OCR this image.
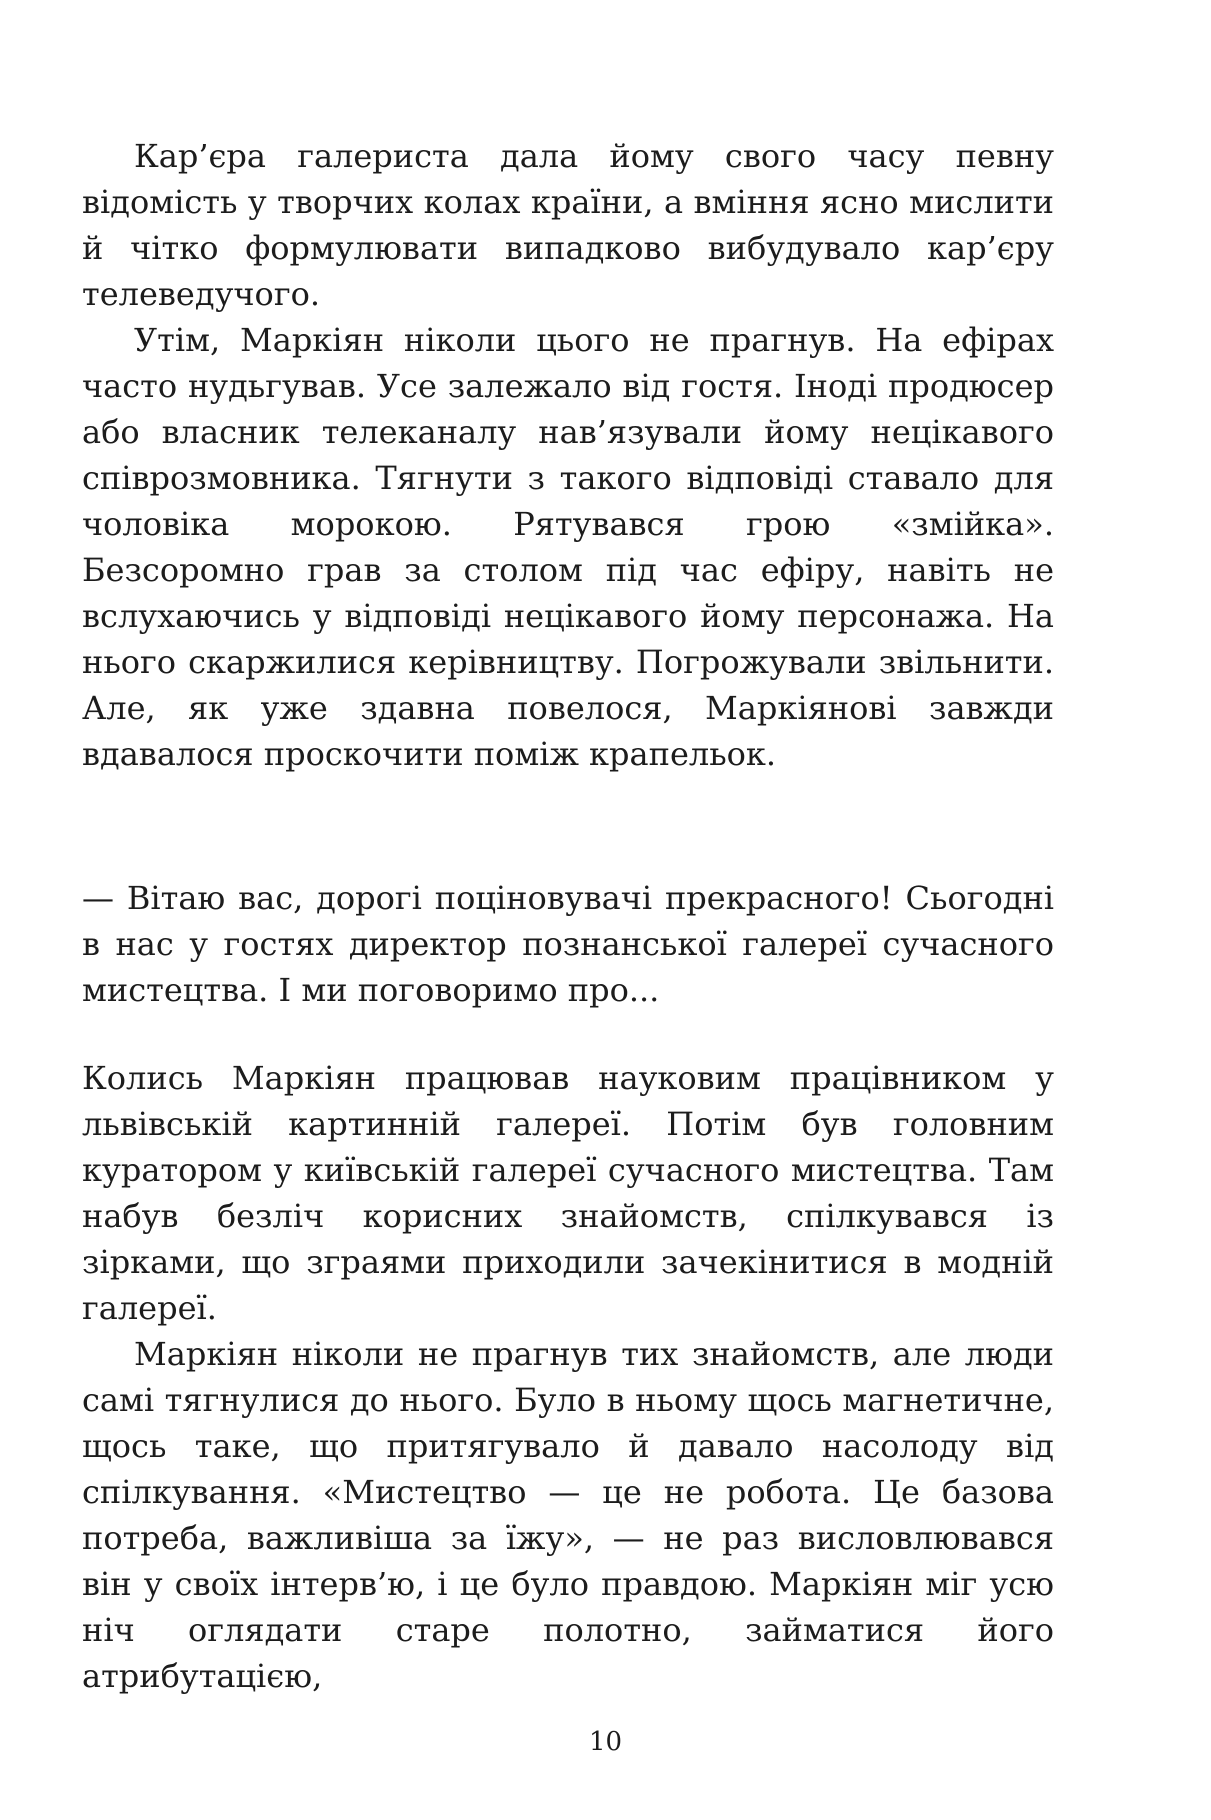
Кар’єра галериста дала йому свого часу певну відомість у творчих колах країни, а вміння ясно мислити й чітко формулювати випадково вибудувало кар’єру телеведучого.

Утім, Маркіян ніколи цього не прагнув. На ефірах часто нудьгував. Усе залежало від гостя. Іноді продюсер або власник телеканалу нав’язували йому нецікавого співрозмовника. Тягнути з такого відповіді ставало для чоловіка морокою. Рятувався грою «змійка». Безсоромно грав за столом під час ефіру, навіть не вслухаючись у відповіді нецікавого йому персонажа. На нього скаржилися керівництву. Погрожували звільнити. Але, як уже здавна повелося, Маркіянові завжди вдавалося проскочити поміж крапельок.

— Вітаю вас, дорогі поціновувачі прекрасного! Сьогодні в нас у гостях директор познанської галереї сучасного мистецтва. І ми поговоримо про...

Колись Маркіян працював науковим працівником у львівській картинній галереї. Потім був головним куратором у київській галереї сучасного мистецтва. Там набув безліч корисних знайомств, спілкувався із зірками, що зграями приходили зачекінитися в модній галереї.

Маркіян ніколи не прагнув тих знайомств, але люди самі тягнулися до нього. Було в ньому щось магнетичне, щось таке, що притягувало й давало насолоду від спілкування. «Мистецтво — це не робота. Це базова потреба, важливіша за їжу», — не раз висловлювався він у своїх інтерв’ю, і це було правдою. Маркіян міг усю ніч оглядати старе полотно, займатися його атрибутацією,

10
